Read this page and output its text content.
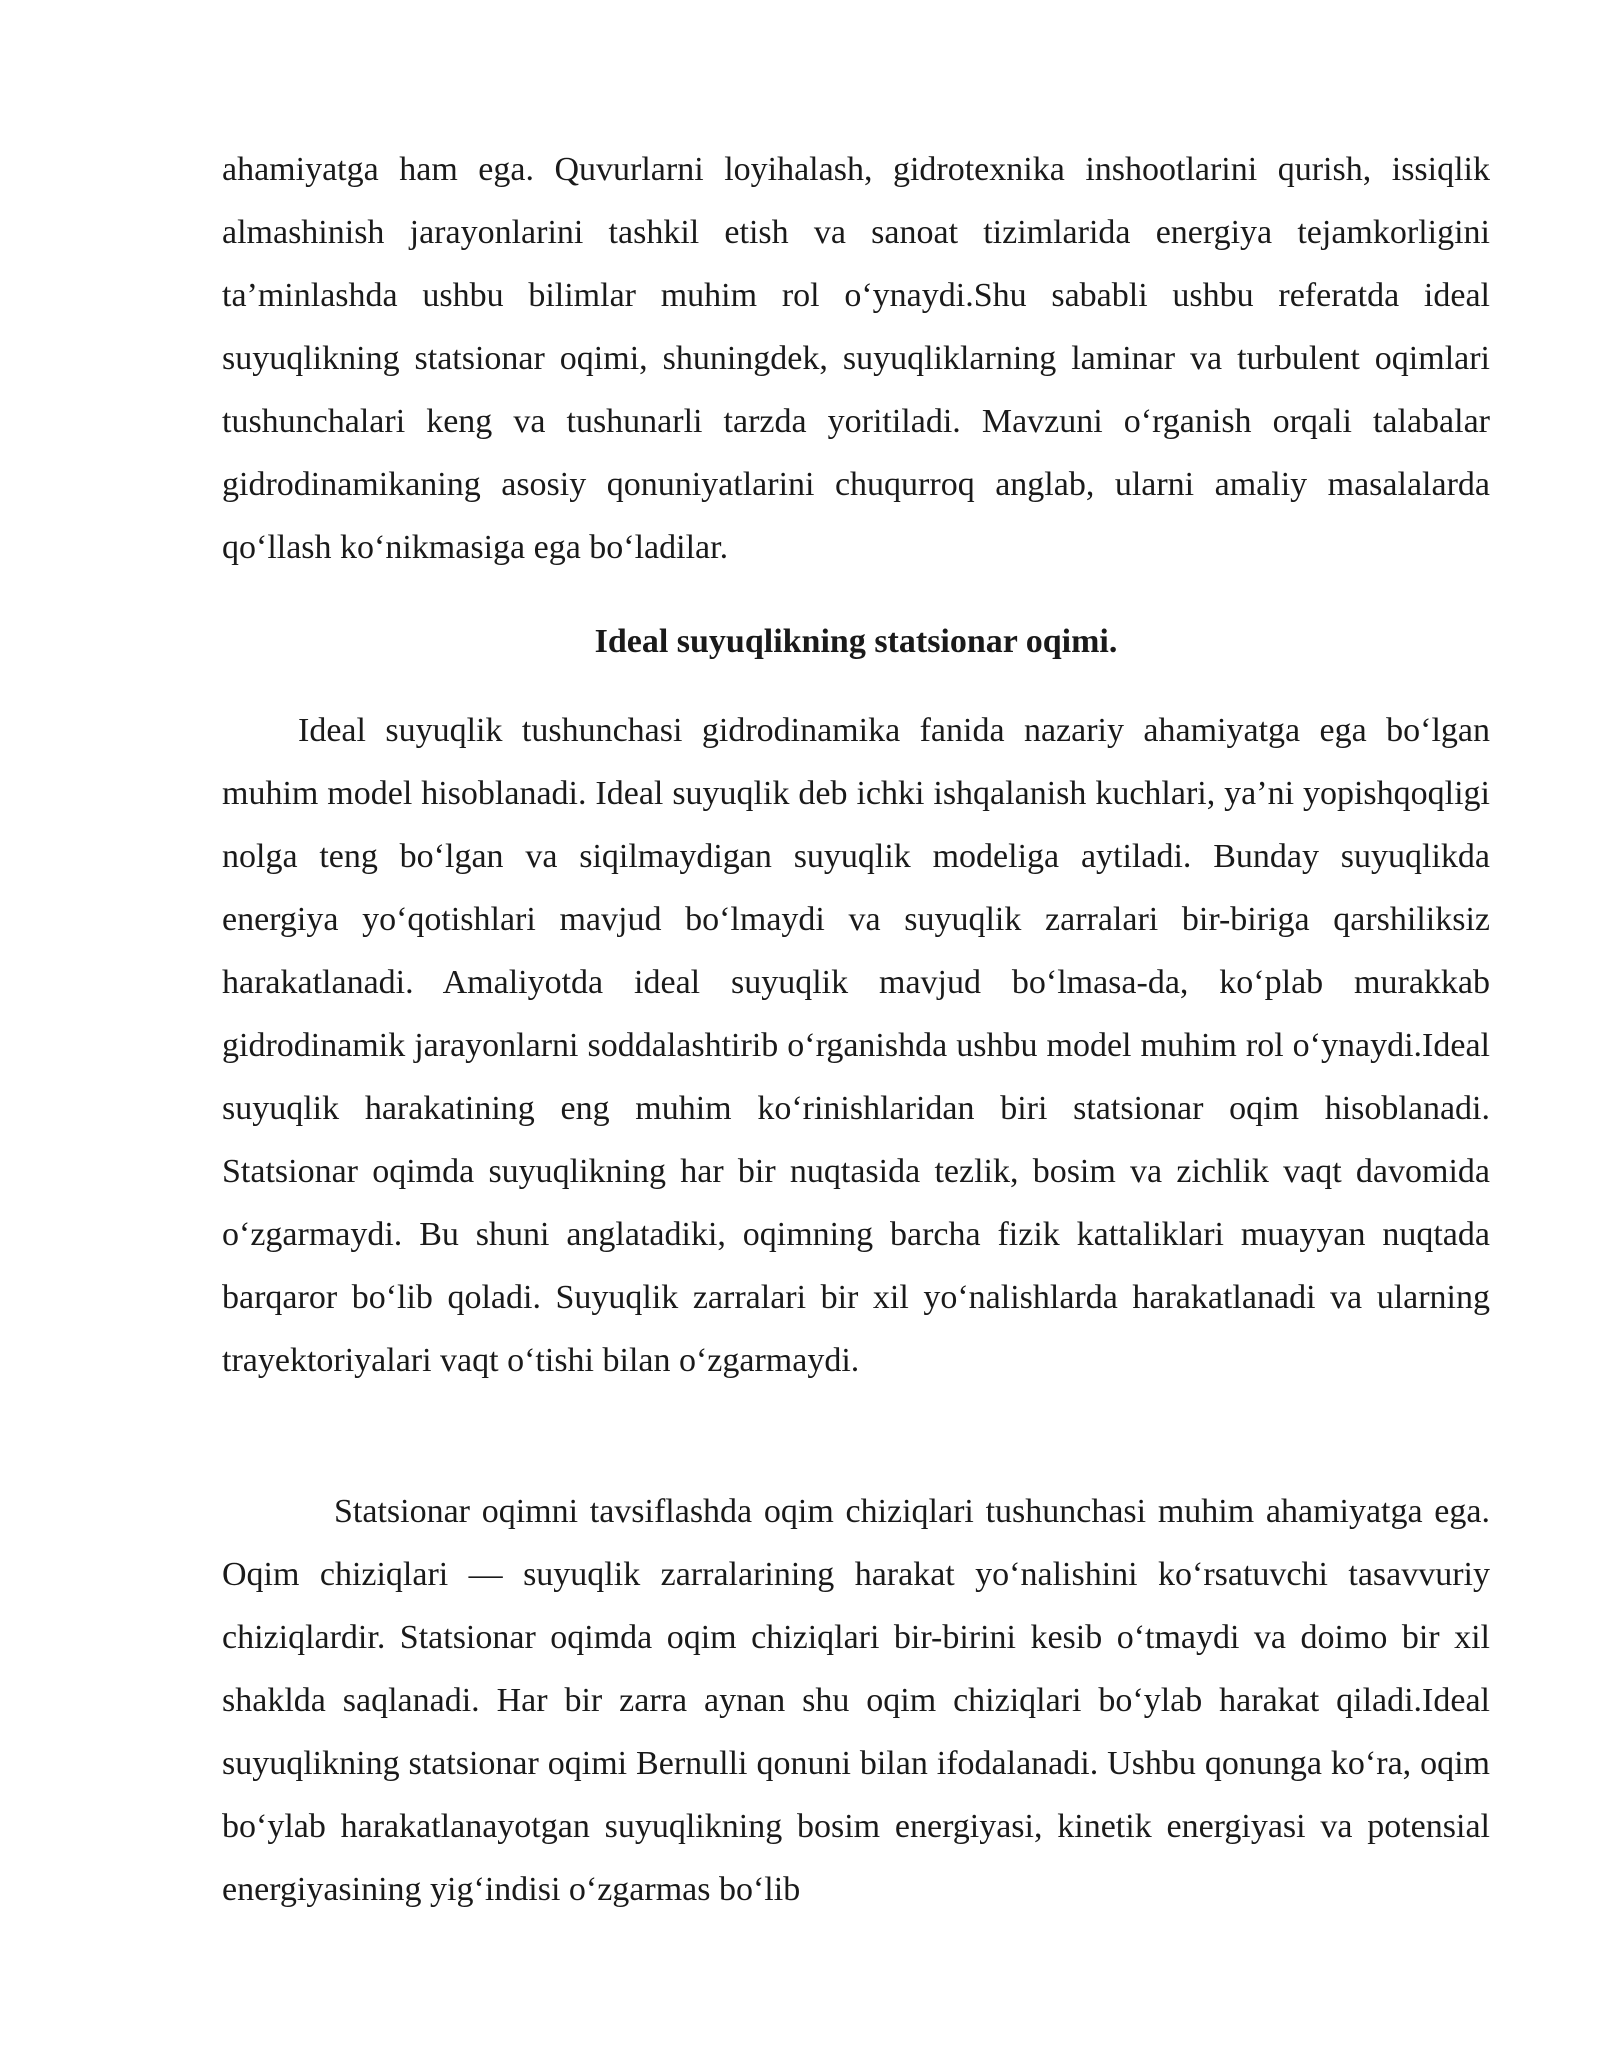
ahamiyatga ham ega. Quvurlarni loyihalash, gidrotexnika inshootlarini qurish, issiqlik almashinish jarayonlarini tashkil etish va sanoat tizimlarida energiya tejamkorligini ta’minlashda ushbu bilimlar muhim rol o‘ynaydi.Shu sababli ushbu referatda ideal suyuqlikning statsionar oqimi, shuningdek, suyuqliklarning laminar va turbulent oqimlari tushunchalari keng va tushunarli tarzda yoritiladi. Mavzuni o‘rganish orqali talabalar gidrodinamikaning asosiy qonuniyatlarini chuqurroq anglab, ularni amaliy masalalarda qo‘llash ko‘nikmasiga ega bo‘ladilar.

Ideal suyuqlikning statsionar oqimi.

Ideal suyuqlik tushunchasi gidrodinamika fanida nazariy ahamiyatga ega bo‘lgan muhim model hisoblanadi. Ideal suyuqlik deb ichki ishqalanish kuchlari, ya’ni yopishqoqligi nolga teng bo‘lgan va siqilmaydigan suyuqlik modeliga aytiladi. Bunday suyuqlikda energiya yo‘qotishlari mavjud bo‘lmaydi va suyuqlik zarralari bir-biriga qarshiliksiz harakatlanadi. Amaliyotda ideal suyuqlik mavjud bo‘lmasa-da, ko‘plab murakkab gidrodinamik jarayonlarni soddalashtirib o‘rganishda ushbu model muhim rol o‘ynaydi.Ideal suyuqlik harakatining eng muhim ko‘rinishlaridan biri statsionar oqim hisoblanadi. Statsionar oqimda suyuqlikning har bir nuqtasida tezlik, bosim va zichlik vaqt davomida o‘zgarmaydi. Bu shuni anglatadiki, oqimning barcha fizik kattaliklari muayyan nuqtada barqaror bo‘lib qoladi. Suyuqlik zarralari bir xil yo‘nalishlarda harakatlanadi va ularning trayektoriyalari vaqt o‘tishi bilan o‘zgarmaydi.

Statsionar oqimni tavsiflashda oqim chiziqlari tushunchasi muhim ahamiyatga ega. Oqim chiziqlari — suyuqlik zarralarining harakat yo‘nalishini ko‘rsatuvchi tasavvuriy chiziqlardir. Statsionar oqimda oqim chiziqlari bir-birini kesib o‘tmaydi va doimo bir xil shaklda saqlanadi. Har bir zarra aynan shu oqim chiziqlari bo‘ylab harakat qiladi.Ideal suyuqlikning statsionar oqimi Bernulli qonuni bilan ifodalanadi. Ushbu qonunga ko‘ra, oqim bo‘ylab harakatlanayotgan suyuqlikning bosim energiyasi, kinetik energiyasi va potensial energiyasining yig‘indisi o‘zgarmas bo‘lib
